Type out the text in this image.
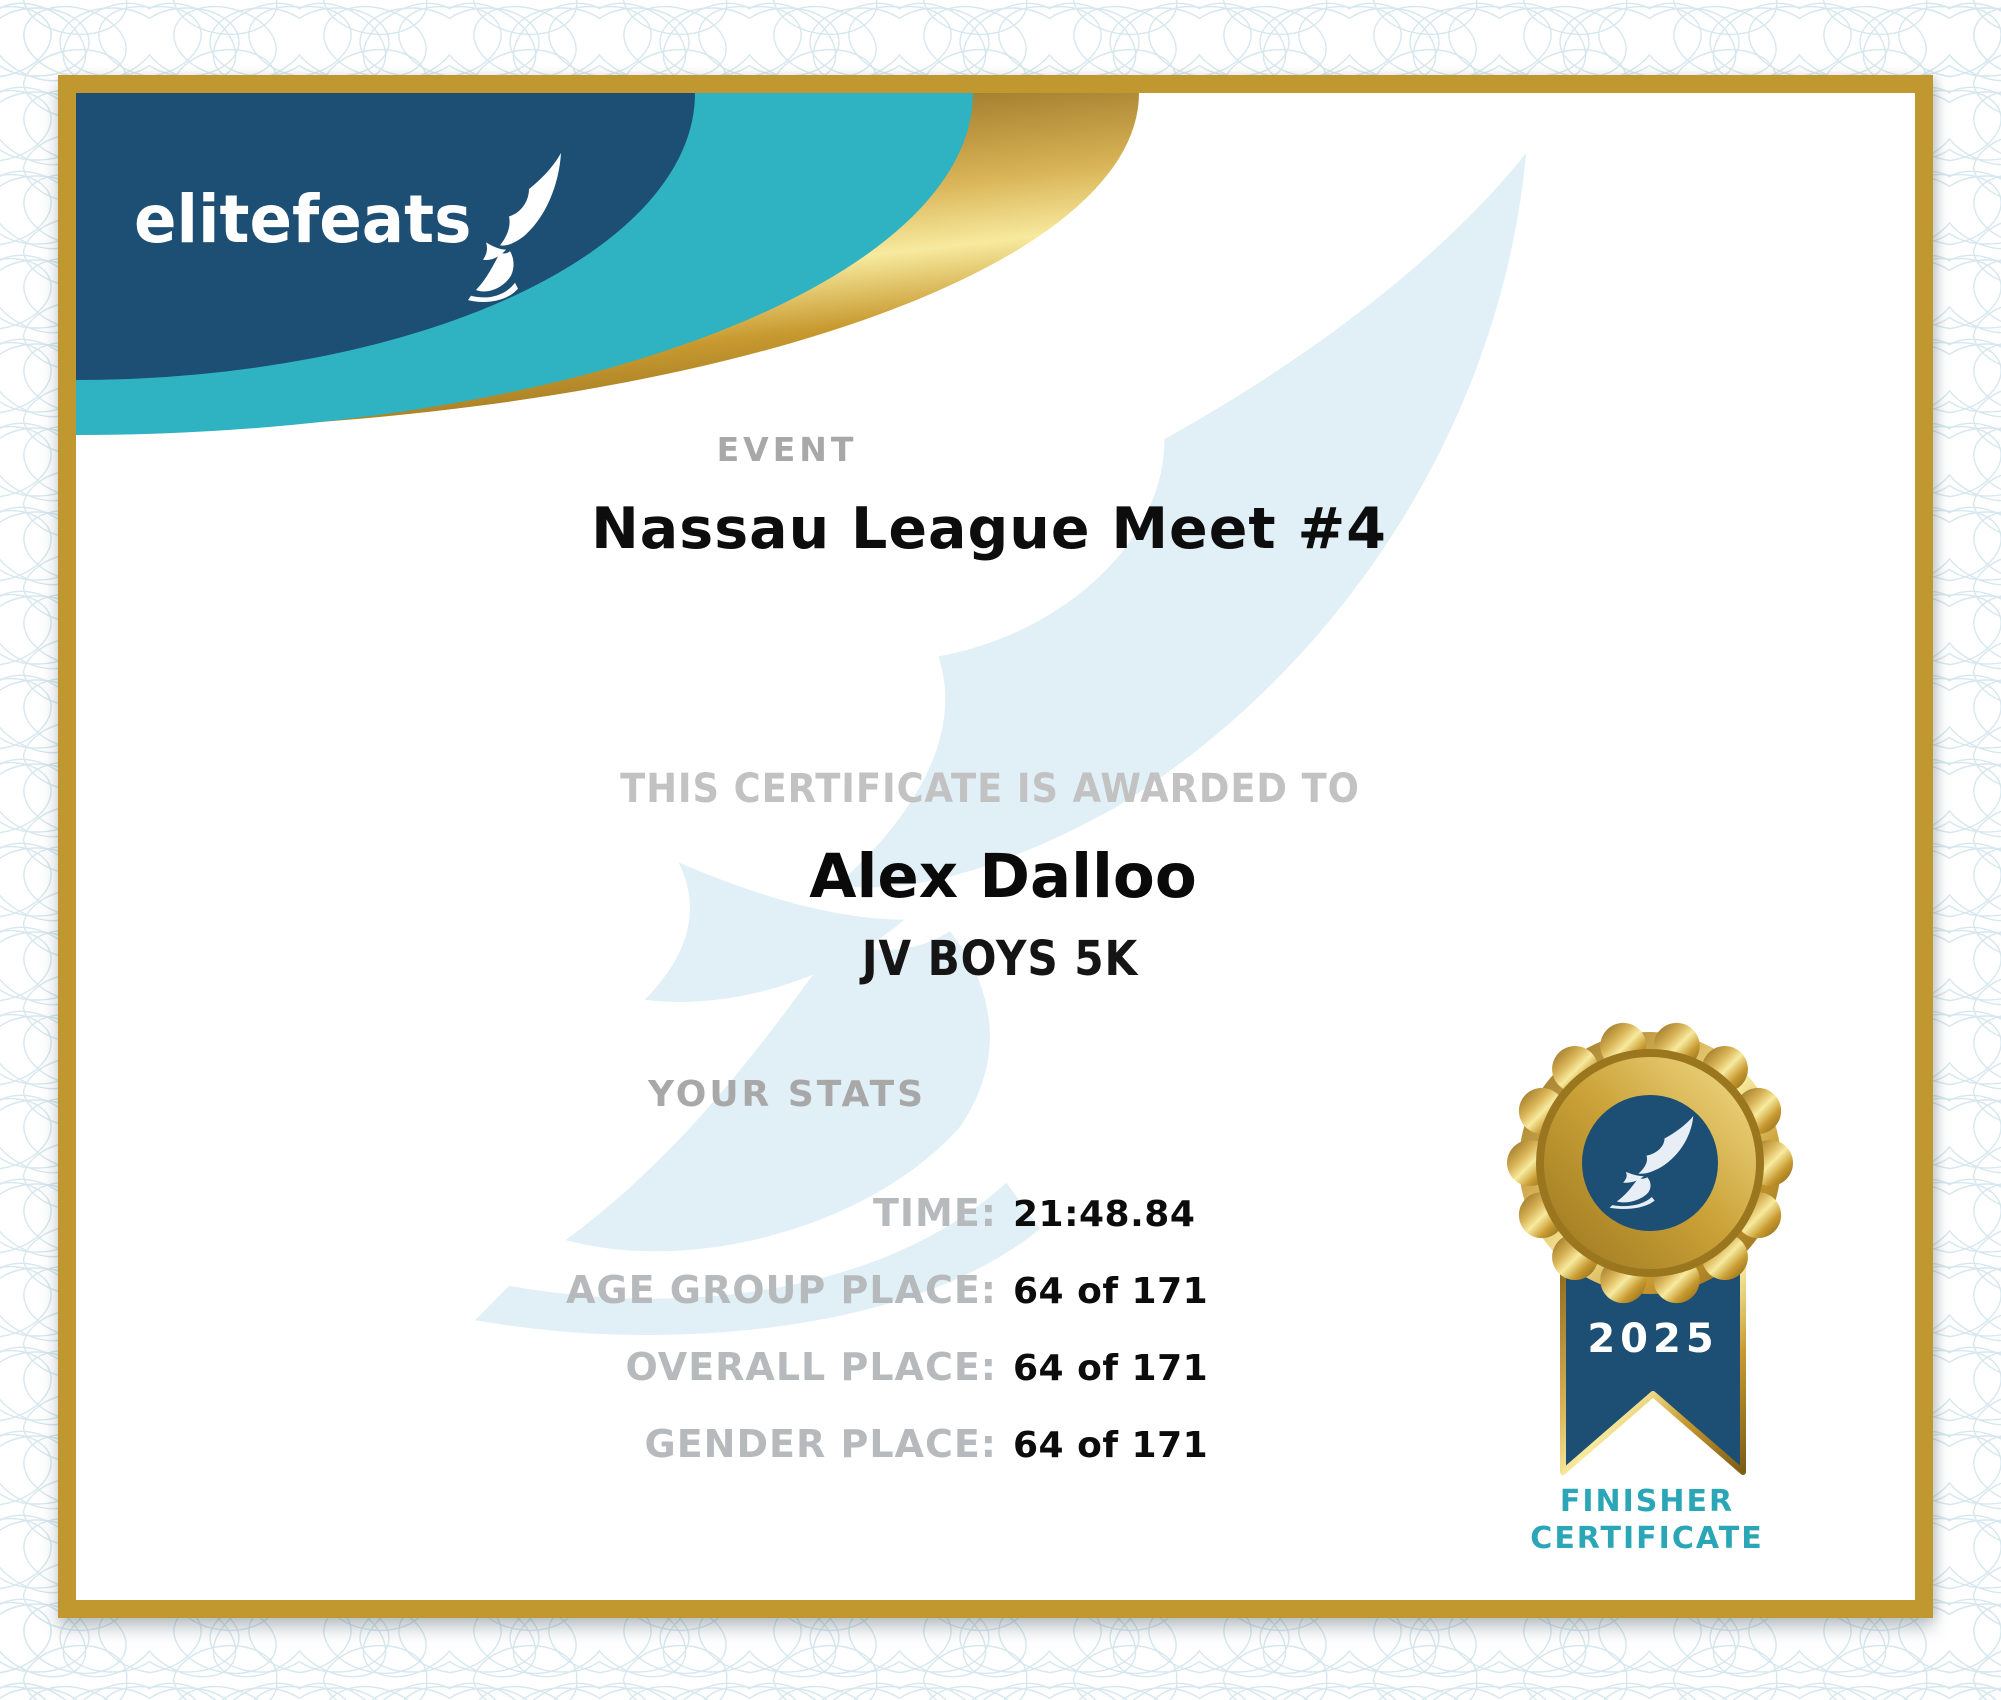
elitefeats
EVENT
Nassau League Meet #4
THIS CERTIFICATE IS AWARDED TO
Alex Dalloo
JV BOYS 5K
YOUR STATS
TIME: 21:48.84
AGE GROUP PLACE: 64 of 171
OVERALL PLACE: 64 of 171
GENDER PLACE: 64 of 171
2025
FINISHER
CERTIFICATE
